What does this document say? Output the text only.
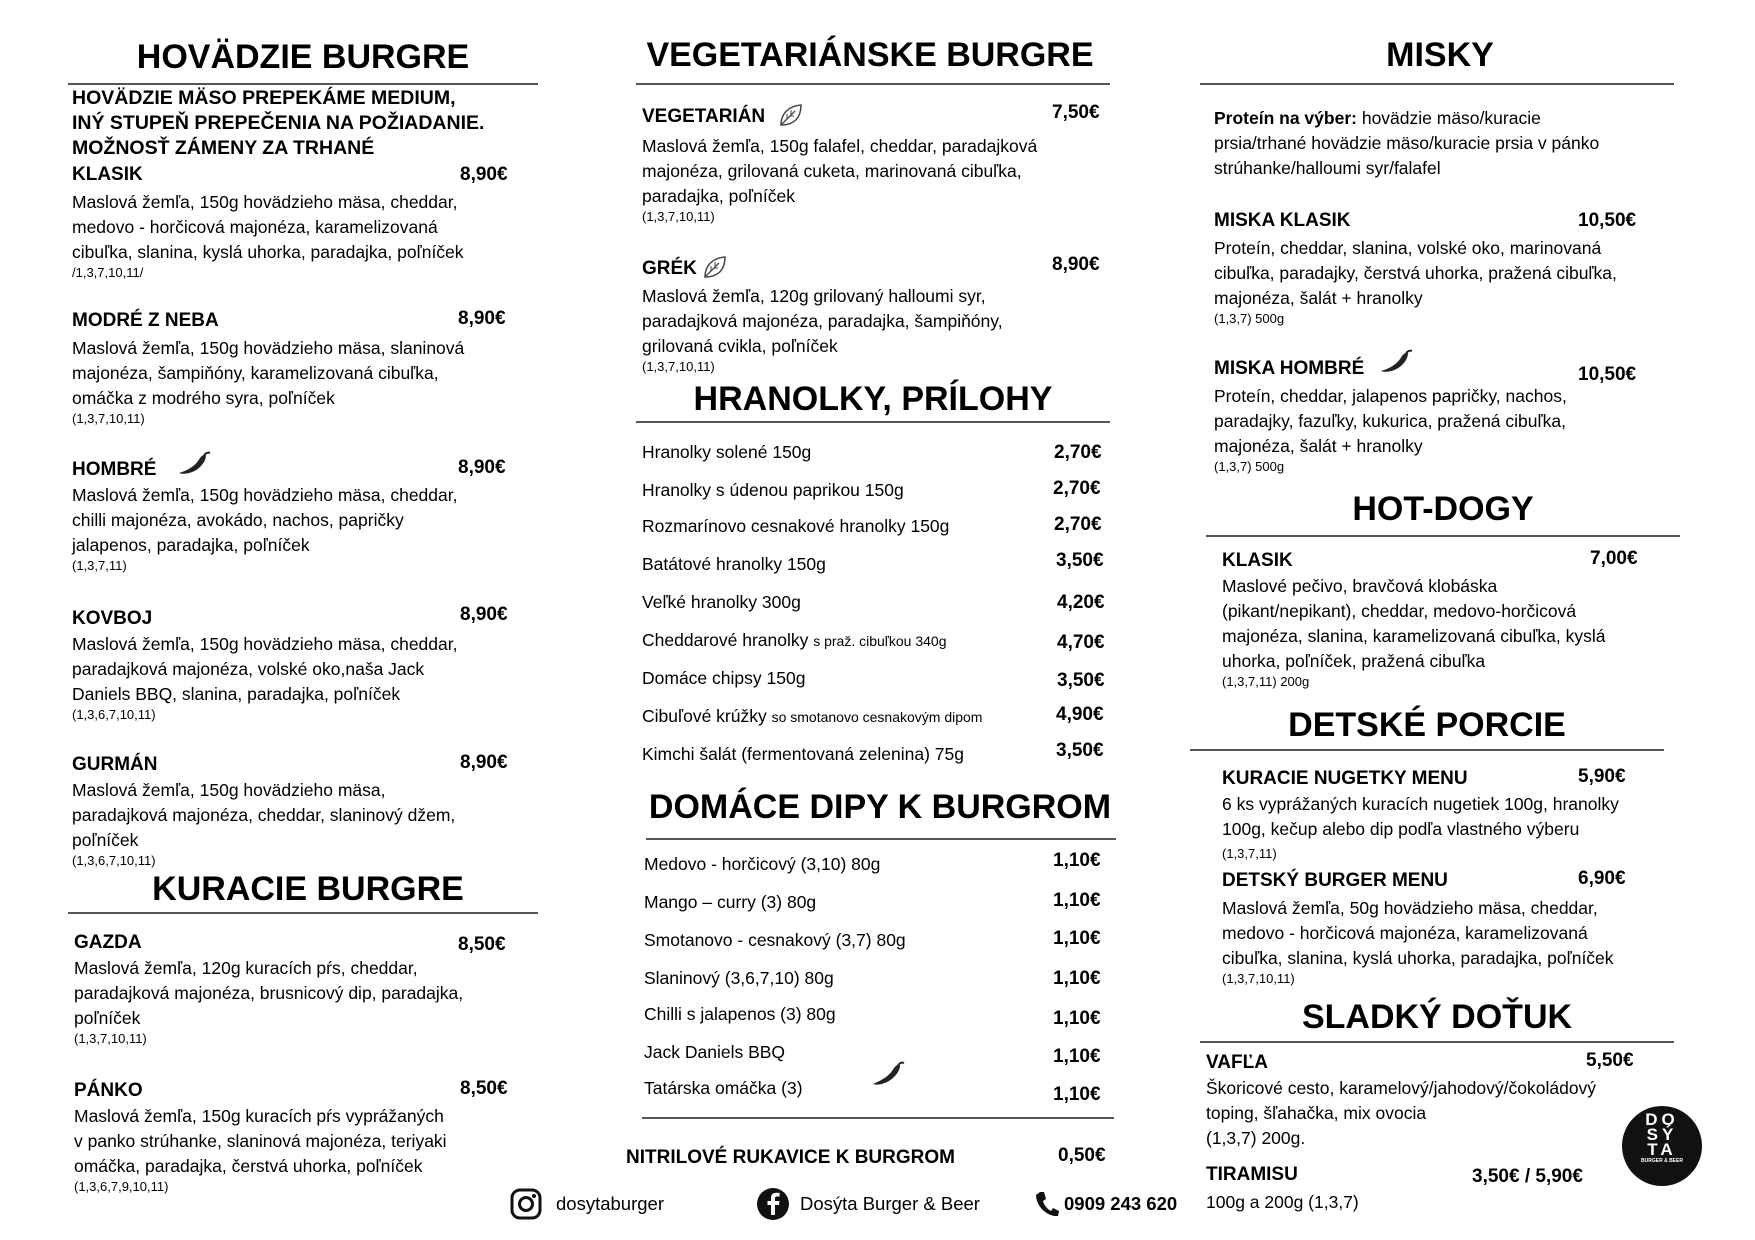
HOVÄDZIE BURGRE
HOVÄDZIE MÄSO PREPEKÁME MEDIUM,
INÝ STUPEŇ PREPEČENIA NA POŽIADANIE.
MOŽNOSŤ ZÁMENY ZA TRHANÉ
KLASIK	8,90€
Maslová žemľa, 150g hovädzieho mäsa, cheddar,
medovo - horčicová majonéza, karamelizovaná
cibuľka, slanina, kyslá uhorka, paradajka, poľníček
/1,3,7,10,11/
MODRÉ Z NEBA	8,90€
Maslová žemľa, 150g hovädzieho mäsa, slaninová
majonéza, šampiňóny, karamelizovaná cibuľka,
omáčka z modrého syra, poľníček
(1,3,7,10,11)
HOMBRÉ	8,90€
Maslová žemľa, 150g hovädzieho mäsa, cheddar,
chilli majonéza, avokádo, nachos, papričky
jalapenos, paradajka, poľníček
(1,3,7,11)
KOVBOJ	8,90€
Maslová žemľa, 150g hovädzieho mäsa, cheddar,
paradajková majonéza, volské oko,naša Jack
Daniels BBQ, slanina, paradajka, poľníček
(1,3,6,7,10,11)
GURMÁN	8,90€
Maslová žemľa, 150g hovädzieho mäsa,
paradajková majonéza, cheddar, slaninový džem,
poľníček
(1,3,6,7,10,11)
KURACIE BURGRE
GAZDA	8,50€
Maslová žemľa, 120g kuracích pŕs, cheddar,
paradajková majonéza, brusnicový dip, paradajka,
poľníček
(1,3,7,10,11)
PÁNKO	8,50€
Maslová žemľa, 150g kuracích pŕs vyprážaných
v panko strúhanke, slaninová majonéza, teriyaki
omáčka, paradajka, čerstvá uhorka, poľníček
(1,3,6,7,9,10,11)
VEGETARIÁNSKE BURGRE
VEGETARIÁN	7,50€
Maslová žemľa, 150g falafel, cheddar, paradajková
majonéza, grilovaná cuketa, marinovaná cibuľka,
paradajka, poľníček
(1,3,7,10,11)
GRÉK	8,90€
Maslová žemľa, 120g grilovaný halloumi syr,
paradajková majonéza, paradajka, šampiňóny,
grilovaná cvikla, poľníček
(1,3,7,10,11)
HRANOLKY, PRÍLOHY
Hranolky solené 150g	2,70€
Hranolky s údenou paprikou 150g	2,70€
Rozmarínovo cesnakové hranolky 150g	2,70€
Batátové hranolky 150g	3,50€
Veľké hranolky 300g	4,20€
Cheddarové hranolky s praž. cibuľkou 340g	4,70€
Domáce chipsy 150g	3,50€
Cibuľové krúžky so smotanovo cesnakovým dipom	4,90€
Kimchi šalát (fermentovaná zelenina) 75g	3,50€
DOMÁCE DIPY K BURGROM
Medovo - horčicový (3,10) 80g	1,10€
Mango – curry (3) 80g	1,10€
Smotanovo - cesnakový (3,7) 80g	1,10€
Slaninový (3,6,7,10) 80g	1,10€
Chilli s jalapenos (3) 80g	1,10€
Jack Daniels BBQ	1,10€
Tatárska omáčka (3)	1,10€
NITRILOVÉ RUKAVICE K BURGROM	0,50€
dosytaburger	Dosýta Burger & Beer	0909 243 620
MISKY
Proteín na výber: hovädzie mäso/kuracie
prsia/trhané hovädzie mäso/kuracie prsia v pánko
strúhanke/halloumi syr/falafel
MISKA KLASIK	10,50€
Proteín, cheddar, slanina, volské oko, marinovaná
cibuľka, paradajky, čerstvá uhorka, pražená cibuľka,
majonéza, šalát + hranolky
(1,3,7) 500g
MISKA HOMBRÉ	10,50€
Proteín, cheddar, jalapenos papričky, nachos,
paradajky, fazuľky, kukurica, pražená cibuľka,
majonéza, šalát + hranolky
(1,3,7) 500g
HOT-DOGY
KLASIK	7,00€
Maslové pečivo, bravčová klobáska
(pikant/nepikant), cheddar, medovo-horčicová
majonéza, slanina, karamelizovaná cibuľka, kyslá
uhorka, poľníček, pražená cibuľka
(1,3,7,11) 200g
DETSKÉ PORCIE
KURACIE NUGETKY MENU	5,90€
6 ks vyprážaných kuracích nugetiek 100g, hranolky
100g, kečup alebo dip podľa vlastného výberu
(1,3,7,11)
DETSKÝ BURGER MENU	6,90€
Maslová žemľa, 50g hovädzieho mäsa, cheddar,
medovo - horčicová majonéza, karamelizovaná
cibuľka, slanina, kyslá uhorka, paradajka, poľníček
(1,3,7,10,11)
SLADKÝ DOŤUK
VAFĽA	5,50€
Škoricové cesto, karamelový/jahodový/čokoládový
toping, šľahačka, mix ovocia
(1,3,7) 200g.
TIRAMISU	3,50€ / 5,90€
100g a 200g (1,3,7)
DO
SÝ
TA
BURGER & BEER
